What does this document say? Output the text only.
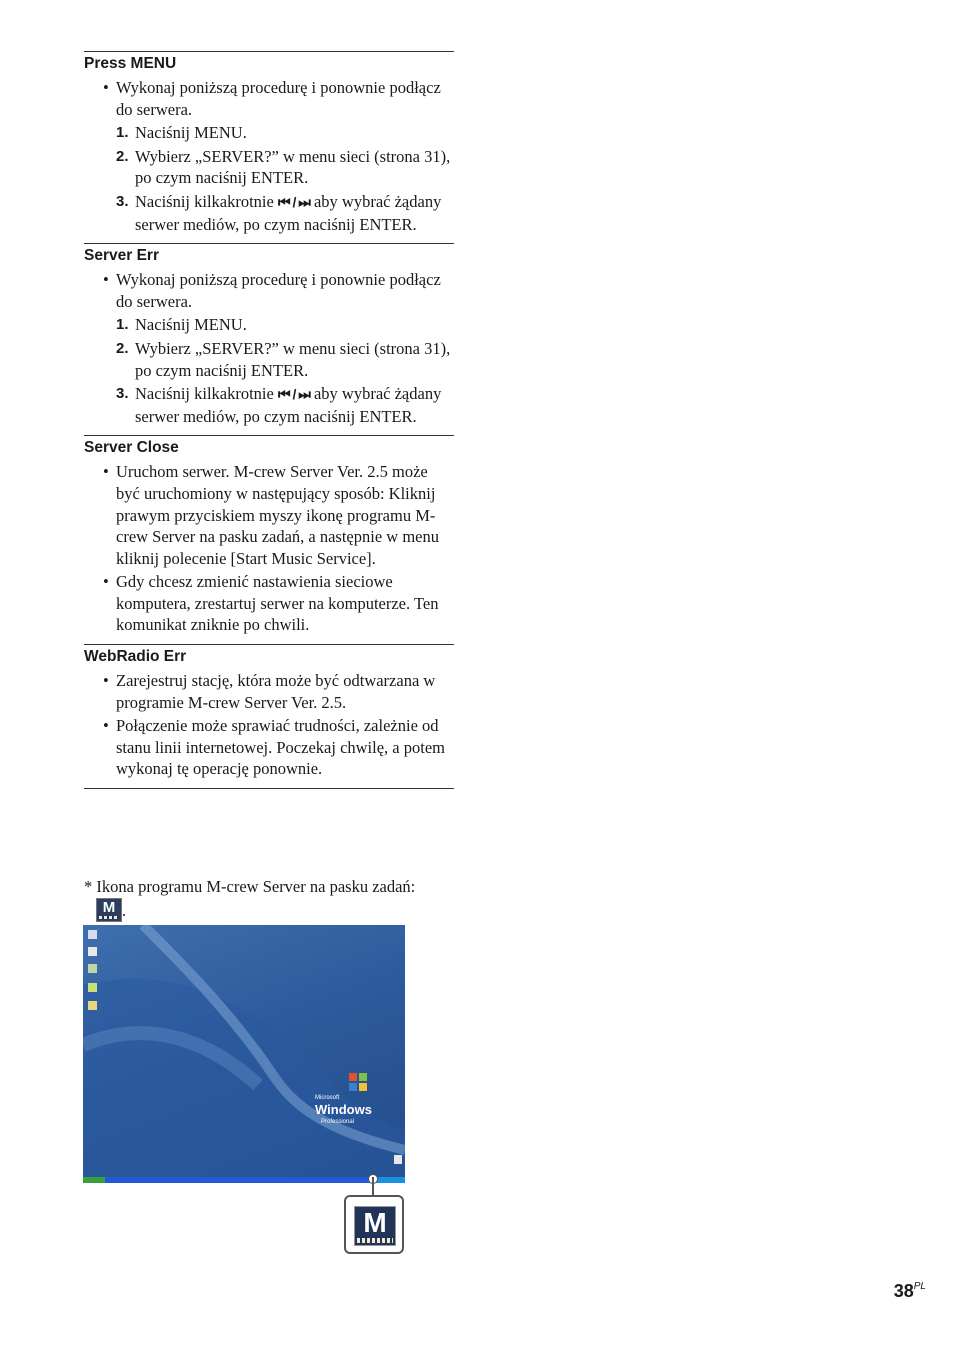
Press MENU
• Wykonaj poniższą procedurę i ponownie podłącz do serwera.
1. Naciśnij MENU.
2. Wybierz „SERVER?” w menu sieci (strona 31), po czym naciśnij ENTER.
3. Naciśnij kilkakrotnie ⏮ / ⏭ aby wybrać żądany serwer mediów, po czym naciśnij ENTER.
Server Err
• Wykonaj poniższą procedurę i ponownie podłącz do serwera.
1. Naciśnij MENU.
2. Wybierz „SERVER?” w menu sieci (strona 31), po czym naciśnij ENTER.
3. Naciśnij kilkakrotnie ⏮ / ⏭ aby wybrać żądany serwer mediów, po czym naciśnij ENTER.
Server Close
• Uruchom serwer. M-crew Server Ver. 2.5 może być uruchomiony w następujący sposób: Kliknij prawym przyciskiem myszy ikonę programu M-crew Server na pasku zadań, a następnie w menu kliknij polecenie [Start Music Service].
• Gdy chcesz zmienić nastawienia sieciowe komputera, zrestartuj serwer na komputerze. Ten komunikat zniknie po chwili.
WebRadio Err
• Zarejestruj stację, która może być odtwarzana w programie M-crew Server Ver. 2.5.
• Połączenie może sprawiać trudności, zależnie od stanu linii internetowej. Poczekaj chwilę, a potem wykonaj tę operację ponownie.
* Ikona programu M-crew Server na pasku zadań:

M .
Microsoft
Windows
Professional
M
$38^{PL}$
